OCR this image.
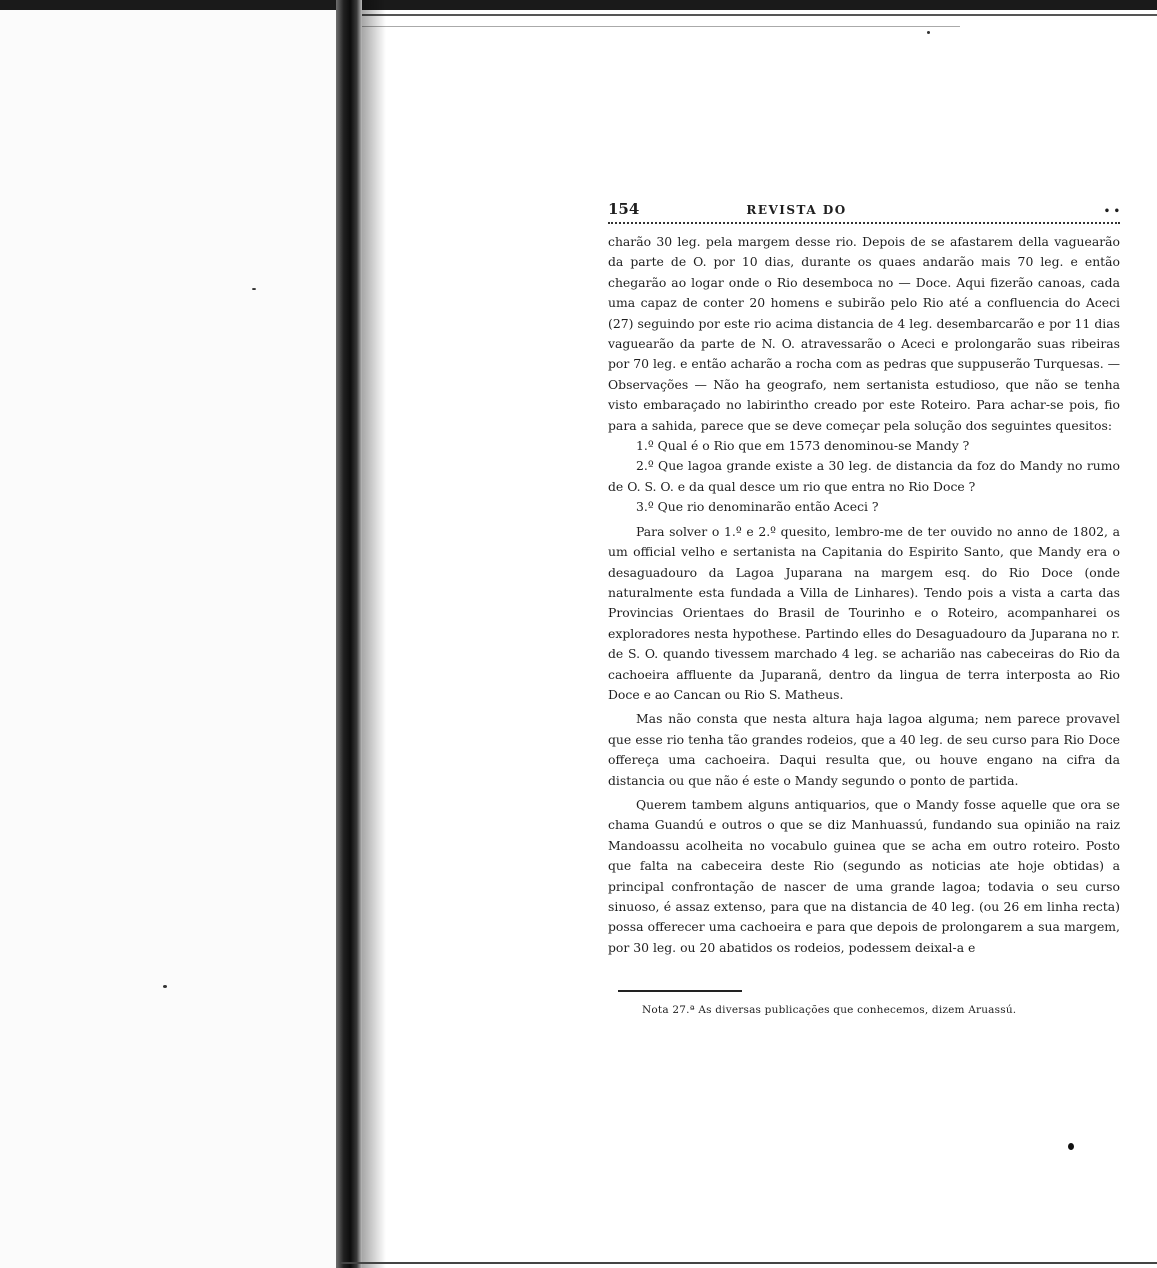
154	REVISTA DO	• •

charão 30 leg. pela margem desse rio. Depois de se afastarem della vaguearão da parte de O. por 10 dias, durante os quaes andarão mais 70 leg. e então chegarão ao logar onde o Rio desemboca no — Doce. Aqui fizerão canoas, cada uma capaz de conter 20 homens e subirão pelo Rio até a confluencia do Aceci (27) seguindo por este rio acima distancia de 4 leg. desembarcarão e por 11 dias vaguearão da parte de N. O. atravessarão o Aceci e prolongarão suas ribeiras por 70 leg. e então acharão a rocha com as pedras que suppuserão Turquesas. — Observações — Não ha geografo, nem sertanista estudioso, que não se tenha visto embaraçado no labirintho creado por este Roteiro. Para achar-se pois, fio para a sahida, parece que se deve começar pela solução dos seguintes quesitos:

1.º Qual é o Rio que em 1573 denominou-se Mandy ?

2.º Que lagoa grande existe a 30 leg. de distancia da foz do Mandy no rumo de O. S. O. e da qual desce um rio que entra no Rio Doce ?

3.º Que rio denominarão então Aceci ?

Para solver o 1.º e 2.º quesito, lembro-me de ter ouvido no anno de 1802, a um official velho e sertanista na Capitania do Espirito Santo, que Mandy era o desaguadouro da Lagoa Juparana na margem esq. do Rio Doce (onde naturalmente esta fundada a Villa de Linhares). Tendo pois a vista a carta das Provincias Orientaes do Brasil de Tourinho e o Roteiro, acompanharei os exploradores nesta hypothese. Partindo elles do Desaguadouro da Juparana no r. de S. O. quando tivessem marchado 4 leg. se acharião nas cabeceiras do Rio da cachoeira affluente da Juparanã, dentro da lingua de terra interposta ao Rio Doce e ao Cancan ou Rio S. Matheus.

Mas não consta que nesta altura haja lagoa alguma; nem parece provavel que esse rio tenha tão grandes rodeios, que a 40 leg. de seu curso para Rio Doce offereça uma cachoeira. Daqui resulta que, ou houve engano na cifra da distancia ou que não é este o Mandy segundo o ponto de partida.

Querem tambem alguns antiquarios, que o Mandy fosse aquelle que ora se chama Guandú e outros o que se diz Manhuassú, fundando sua opinião na raiz Mandoassu acolheita no vocabulo guinea que se acha em outro roteiro. Posto que falta na cabeceira deste Rio (segundo as noticias ate hoje obtidas) a principal confrontação de nascer de uma grande lagoa; todavia o seu curso sinuoso, é assaz extenso, para que na distancia de 40 leg. (ou 26 em linha recta) possa offerecer uma cachoeira e para que depois de prolongarem a sua margem, por 30 leg. ou 20 abatidos os rodeios, podessem deixal-a e

Nota 27.ª As diversas publicações que conhecemos, dizem Aruassú.
